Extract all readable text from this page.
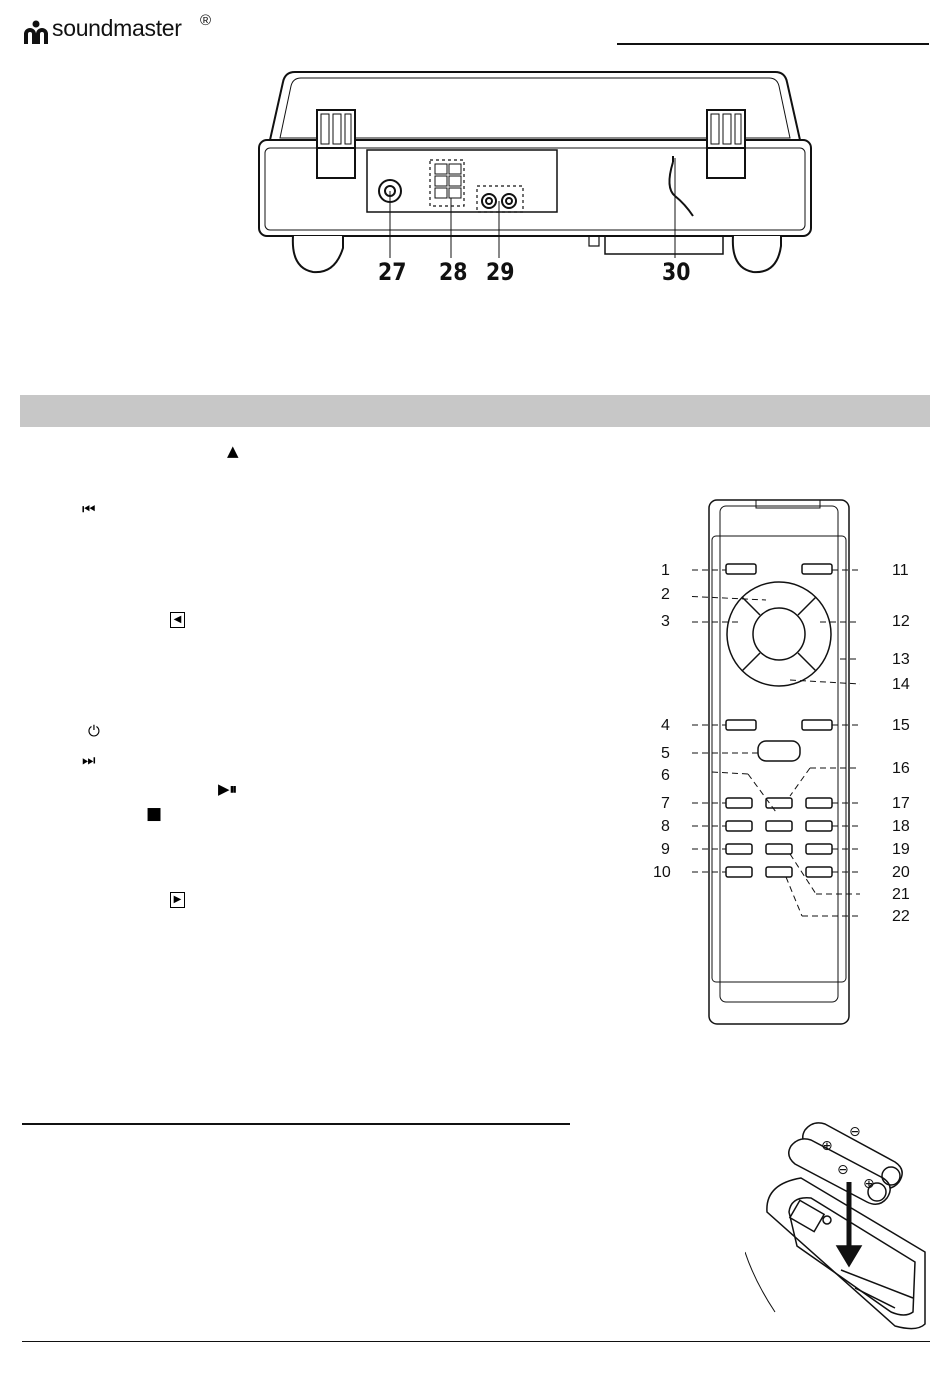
soundmaster ®
27 28 29	30
▲
⏮
◀
⏻
⏭
▶⏸
■
▶
1
2
3
4
5
6
7
8
9
10
11
12
13
14
15
16
17
18
19
20
21
22
⊖
⊕
⊕
⊖
